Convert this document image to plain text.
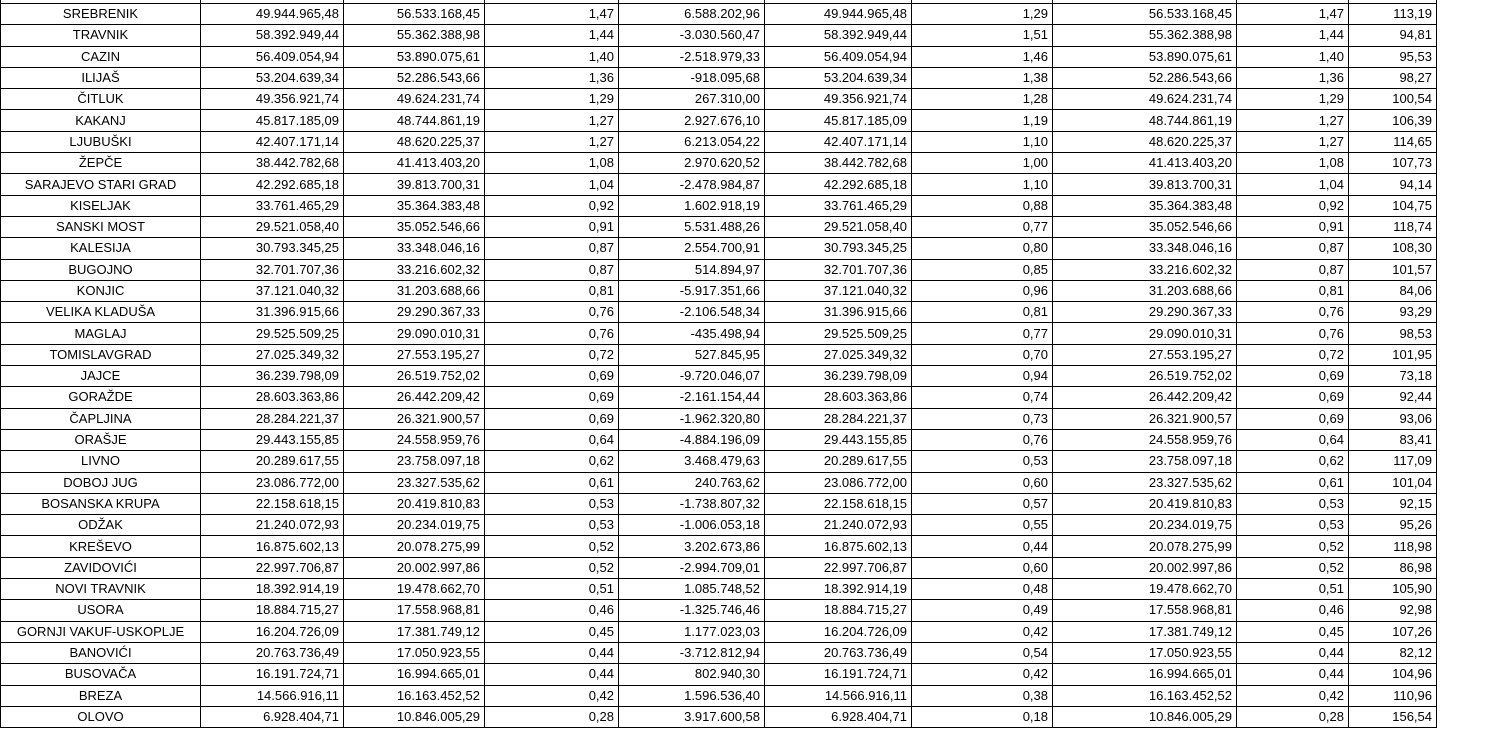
SREBRENIK	49.944.965,48	56.533.168,45	1,47	6.588.202,96	49.944.965,48	1,29	56.533.168,45	1,47	113,19
TRAVNIK	58.392.949,44	55.362.388,98	1,44	-3.030.560,47	58.392.949,44	1,51	55.362.388,98	1,44	94,81
CAZIN	56.409.054,94	53.890.075,61	1,40	-2.518.979,33	56.409.054,94	1,46	53.890.075,61	1,40	95,53
ILIJAŠ	53.204.639,34	52.286.543,66	1,36	-918.095,68	53.204.639,34	1,38	52.286.543,66	1,36	98,27
ČITLUK	49.356.921,74	49.624.231,74	1,29	267.310,00	49.356.921,74	1,28	49.624.231,74	1,29	100,54
KAKANJ	45.817.185,09	48.744.861,19	1,27	2.927.676,10	45.817.185,09	1,19	48.744.861,19	1,27	106,39
LJUBUŠKI	42.407.171,14	48.620.225,37	1,27	6.213.054,22	42.407.171,14	1,10	48.620.225,37	1,27	114,65
ŽEPČE	38.442.782,68	41.413.403,20	1,08	2.970.620,52	38.442.782,68	1,00	41.413.403,20	1,08	107,73
SARAJEVO STARI GRAD	42.292.685,18	39.813.700,31	1,04	-2.478.984,87	42.292.685,18	1,10	39.813.700,31	1,04	94,14
KISELJAK	33.761.465,29	35.364.383,48	0,92	1.602.918,19	33.761.465,29	0,88	35.364.383,48	0,92	104,75
SANSKI MOST	29.521.058,40	35.052.546,66	0,91	5.531.488,26	29.521.058,40	0,77	35.052.546,66	0,91	118,74
KALESIJA	30.793.345,25	33.348.046,16	0,87	2.554.700,91	30.793.345,25	0,80	33.348.046,16	0,87	108,30
BUGOJNO	32.701.707,36	33.216.602,32	0,87	514.894,97	32.701.707,36	0,85	33.216.602,32	0,87	101,57
KONJIC	37.121.040,32	31.203.688,66	0,81	-5.917.351,66	37.121.040,32	0,96	31.203.688,66	0,81	84,06
VELIKA KLADUŠA	31.396.915,66	29.290.367,33	0,76	-2.106.548,34	31.396.915,66	0,81	29.290.367,33	0,76	93,29
MAGLAJ	29.525.509,25	29.090.010,31	0,76	-435.498,94	29.525.509,25	0,77	29.090.010,31	0,76	98,53
TOMISLAVGRAD	27.025.349,32	27.553.195,27	0,72	527.845,95	27.025.349,32	0,70	27.553.195,27	0,72	101,95
JAJCE	36.239.798,09	26.519.752,02	0,69	-9.720.046,07	36.239.798,09	0,94	26.519.752,02	0,69	73,18
GORAŽDE	28.603.363,86	26.442.209,42	0,69	-2.161.154,44	28.603.363,86	0,74	26.442.209,42	0,69	92,44
ČAPLJINA	28.284.221,37	26.321.900,57	0,69	-1.962.320,80	28.284.221,37	0,73	26.321.900,57	0,69	93,06
ORAŠJE	29.443.155,85	24.558.959,76	0,64	-4.884.196,09	29.443.155,85	0,76	24.558.959,76	0,64	83,41
LIVNO	20.289.617,55	23.758.097,18	0,62	3.468.479,63	20.289.617,55	0,53	23.758.097,18	0,62	117,09
DOBOJ JUG	23.086.772,00	23.327.535,62	0,61	240.763,62	23.086.772,00	0,60	23.327.535,62	0,61	101,04
BOSANSKA KRUPA	22.158.618,15	20.419.810,83	0,53	-1.738.807,32	22.158.618,15	0,57	20.419.810,83	0,53	92,15
ODŽAK	21.240.072,93	20.234.019,75	0,53	-1.006.053,18	21.240.072,93	0,55	20.234.019,75	0,53	95,26
KREŠEVO	16.875.602,13	20.078.275,99	0,52	3.202.673,86	16.875.602,13	0,44	20.078.275,99	0,52	118,98
ZAVIDOVIĆI	22.997.706,87	20.002.997,86	0,52	-2.994.709,01	22.997.706,87	0,60	20.002.997,86	0,52	86,98
NOVI TRAVNIK	18.392.914,19	19.478.662,70	0,51	1.085.748,52	18.392.914,19	0,48	19.478.662,70	0,51	105,90
USORA	18.884.715,27	17.558.968,81	0,46	-1.325.746,46	18.884.715,27	0,49	17.558.968,81	0,46	92,98
GORNJI VAKUF-USKOPLJE	16.204.726,09	17.381.749,12	0,45	1.177.023,03	16.204.726,09	0,42	17.381.749,12	0,45	107,26
BANOVIĆI	20.763.736,49	17.050.923,55	0,44	-3.712.812,94	20.763.736,49	0,54	17.050.923,55	0,44	82,12
BUSOVAČA	16.191.724,71	16.994.665,01	0,44	802.940,30	16.191.724,71	0,42	16.994.665,01	0,44	104,96
BREZA	14.566.916,11	16.163.452,52	0,42	1.596.536,40	14.566.916,11	0,38	16.163.452,52	0,42	110,96
OLOVO	6.928.404,71	10.846.005,29	0,28	3.917.600,58	6.928.404,71	0,18	10.846.005,29	0,28	156,54
